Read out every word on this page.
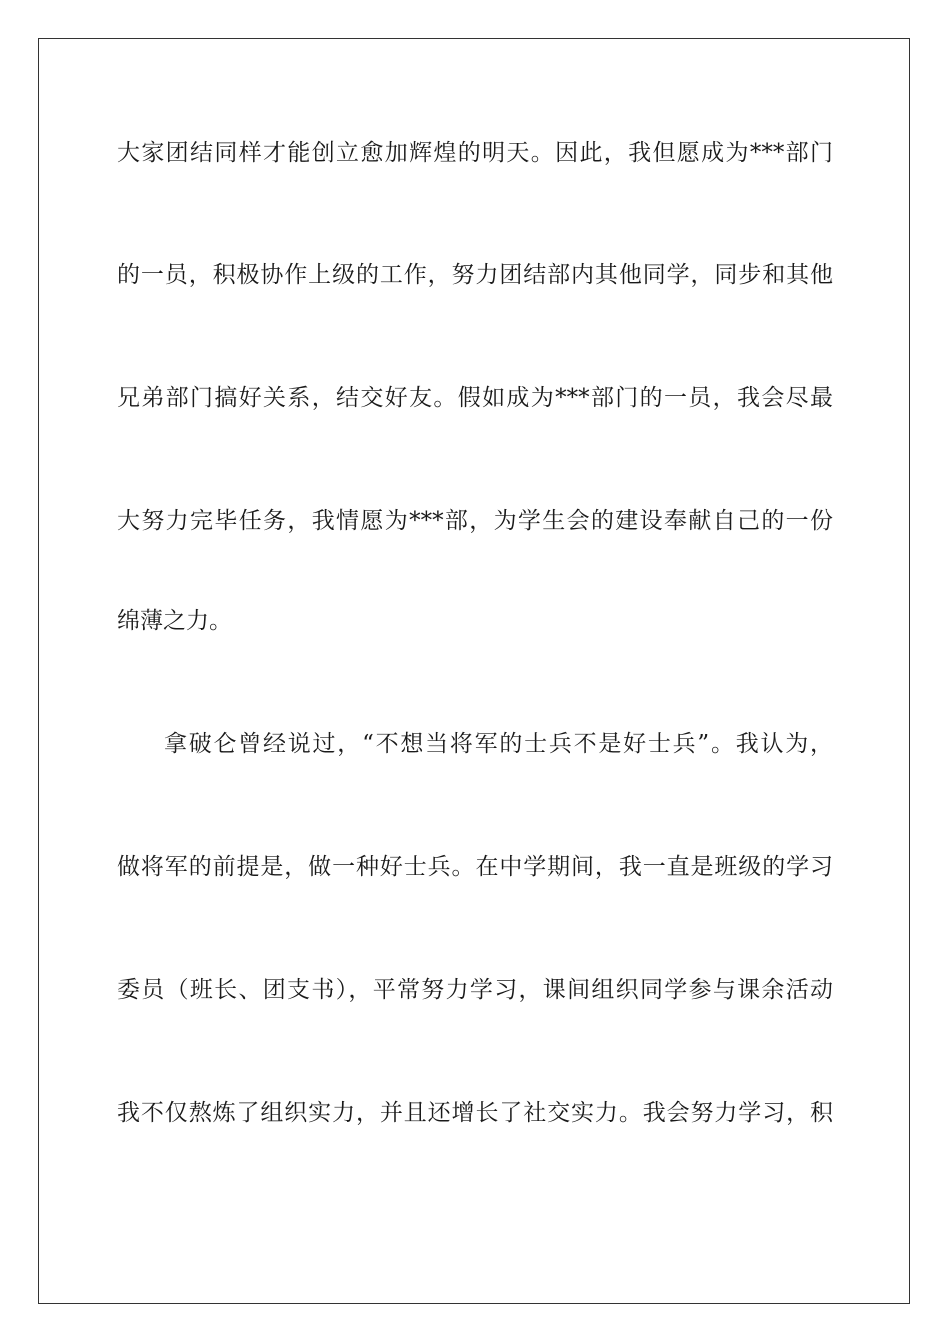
大家团结同样才能创立愈加辉煌的明天。因此，我但愿成为***部门
的一员，积极协作上级的工作，努力团结部内其他同学，同步和其他
兄弟部门搞好关系，结交好友。假如成为***部门的一员，我会尽最
大努力完毕任务，我情愿为***部，为学生会的建设奉献自己的一份
绵薄之力。
拿破仑曾经说过，“不想当将军的士兵不是好士兵”。我认为，
做将军的前提是，做一种好士兵。在中学期间，我一直是班级的学习
委员（班长、团支书），平常努力学习，课间组织同学参与课余活动
我不仅熬炼了组织实力，并且还增长了社交实力。我会努力学习，积
